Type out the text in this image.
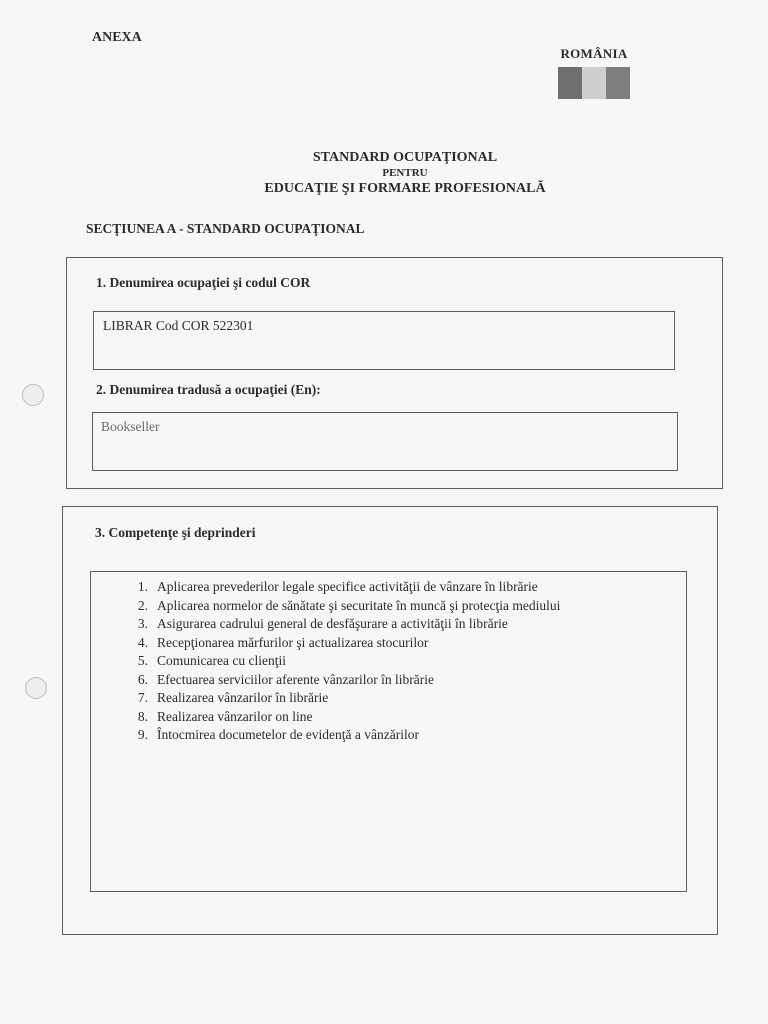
ANEXA
ROMÂNIA
STANDARD OCUPAŢIONAL
PENTRU
EDUCAŢIE ŞI FORMARE PROFESIONALĂ
SECŢIUNEA A - STANDARD OCUPAŢIONAL
1. Denumirea ocupaţiei şi codul COR
LIBRAR Cod COR 522301
2. Denumirea tradusă a ocupaţiei (En):
Bookseller
3. Competenţe şi deprinderi
1. Aplicarea prevederilor legale specifice activităţii de vânzare în librărie
2. Aplicarea normelor de sănătate şi securitate în muncă şi protecţia mediului
3. Asigurarea cadrului general de desfăşurare a activităţii în librărie
4. Recepţionarea mărfurilor şi actualizarea stocurilor
5. Comunicarea cu clienţii
6. Efectuarea serviciilor aferente vânzarilor în librărie
7. Realizarea vânzarilor în librărie
8. Realizarea vânzarilor on line
9. Întocmirea documetelor de evidenţă a vânzărilor
